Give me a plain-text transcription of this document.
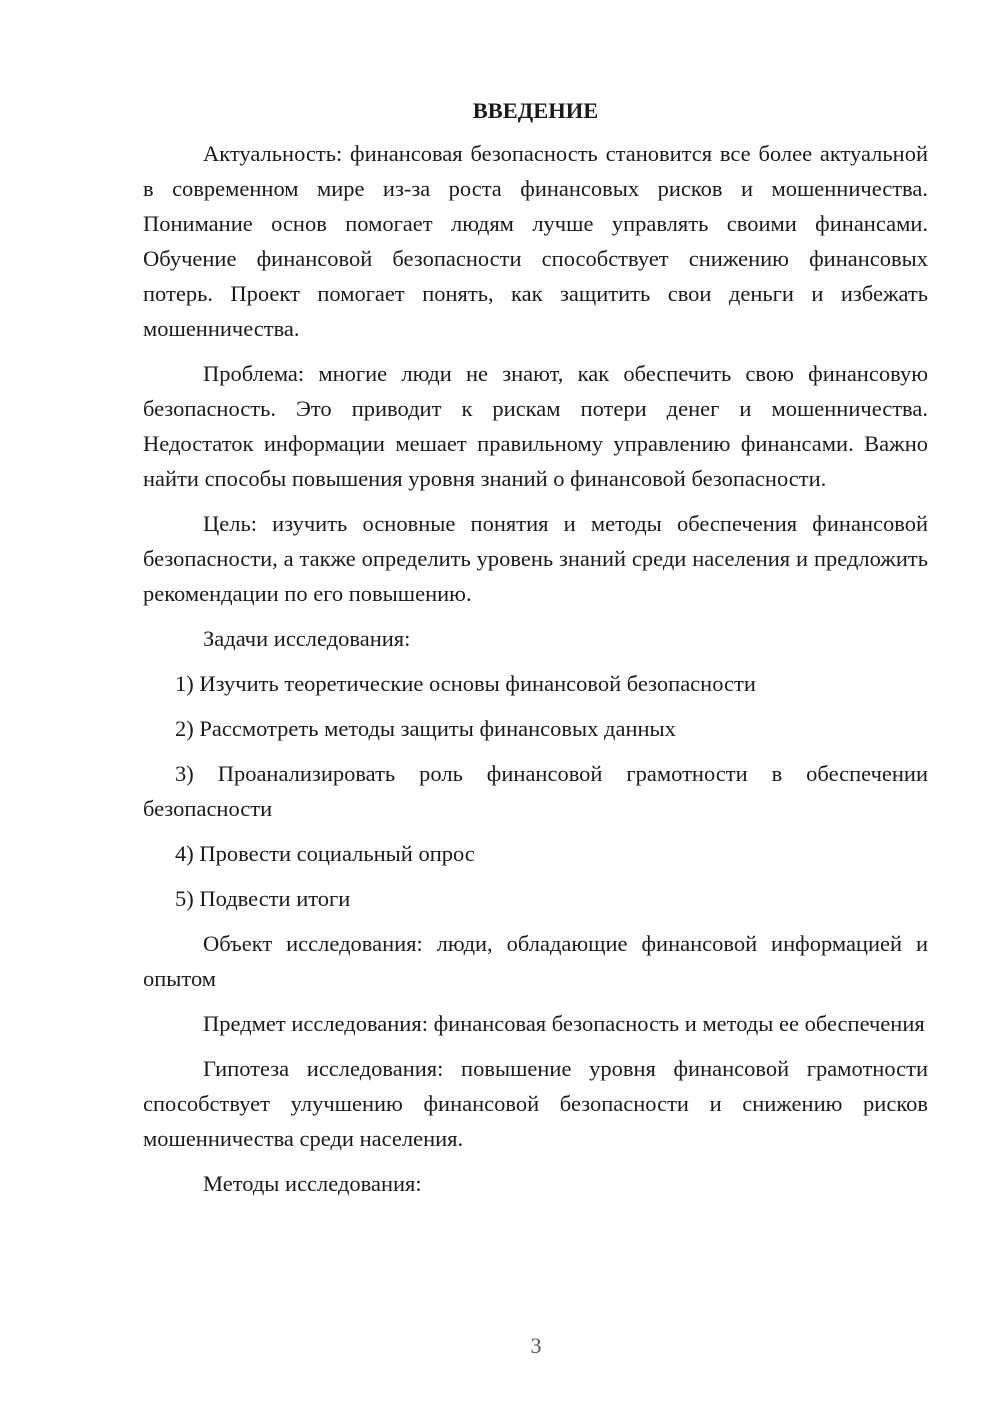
ВВЕДЕНИЕ
Актуальность: финансовая безопасность становится все более актуальной в современном мире из-за роста финансовых рисков и мошенничества. Понимание основ помогает людям лучше управлять своими финансами. Обучение финансовой безопасности способствует снижению финансовых потерь. Проект помогает понять, как защитить свои деньги и избежать мошенничества.
Проблема: многие люди не знают, как обеспечить свою финансовую безопасность. Это приводит к рискам потери денег и мошенничества. Недостаток информации мешает правильному управлению финансами. Важно найти способы повышения уровня знаний о финансовой безопасности.
Цель: изучить основные понятия и методы обеспечения финансовой безопасности, а также определить уровень знаний среди населения и предложить рекомендации по его повышению.
Задачи исследования:
1) Изучить теоретические основы финансовой безопасности
2) Рассмотреть методы защиты финансовых данных
3) Проанализировать роль финансовой грамотности в обеспечении безопасности
4) Провести социальный опрос
5) Подвести итоги
Объект исследования: люди, обладающие финансовой информацией и опытом
Предмет исследования: финансовая безопасность и методы ее обеспечения
Гипотеза исследования: повышение уровня финансовой грамотности способствует улучшению финансовой безопасности и снижению рисков мошенничества среди населения.
Методы исследования:
3
